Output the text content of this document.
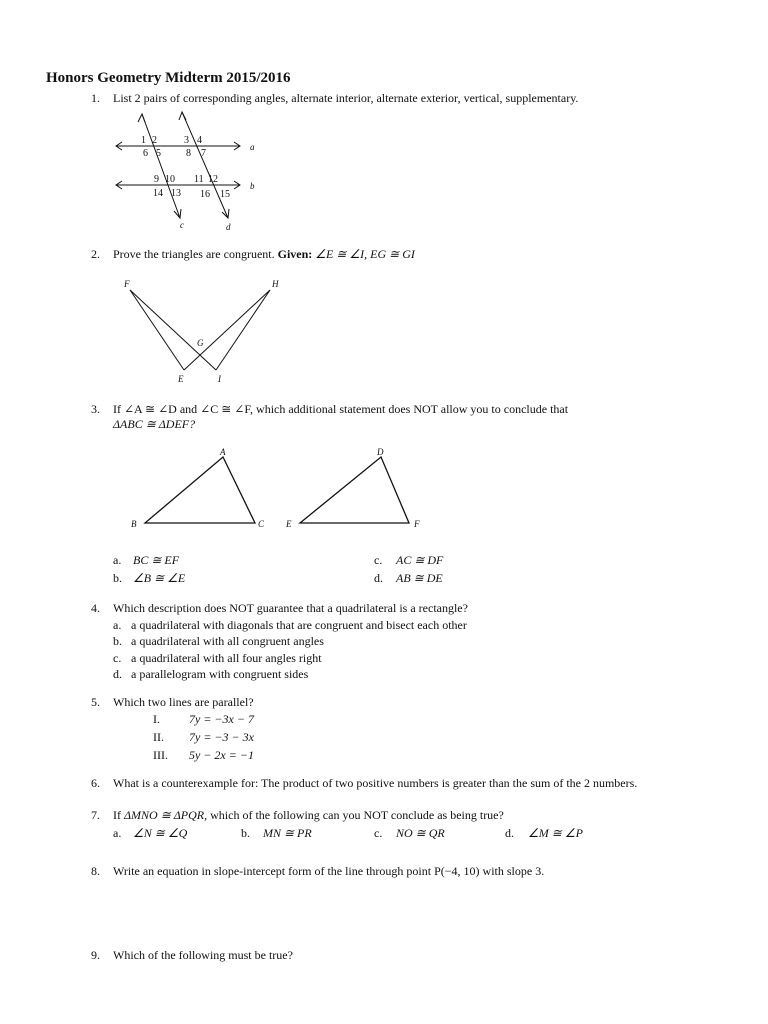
Honors Geometry Midterm 2015/2016
1. List 2 pairs of corresponding angles, alternate interior, alternate exterior, vertical, supplementary.
a
b
c	d
1 2	3 4
6 5	8 7
9 10 11 12
14 13 16 15
2. Prove the triangles are congruent. Given: ∠E ≅ ∠I, EG ≅ GI
F	H
G
E	I
3. If ∠A ≅ ∠D and ∠C ≅ ∠F, which additional statement does NOT allow you to conclude that
ΔABC ≅ ΔDEF?
A
B	C
D
E	F
a. BC ≅ EF
b. ∠B ≅ ∠E
c. AC ≅ DF
d. AB ≅ DE
4. Which description does NOT guarantee that a quadrilateral is a rectangle?
a. a quadrilateral with diagonals that are congruent and bisect each other
b. a quadrilateral with all congruent angles
c. a quadrilateral with all four angles right
d. a parallelogram with congruent sides
5. Which two lines are parallel?
I. 7y = −3x − 7
II. 7y = −3 − 3x
III. 5y − 2x = −1
6. What is a counterexample for: The product of two positive numbers is greater than the sum of the 2 numbers.
7. If ΔMNO ≅ ΔPQR, which of the following can you NOT conclude as being true?
a. ∠N ≅ ∠Q	b. MN ≅ PR	c. NO ≅ QR	d. ∠M ≅ ∠P
8. Write an equation in slope-intercept form of the line through point P(−4, 10) with slope 3.
9. Which of the following must be true?
